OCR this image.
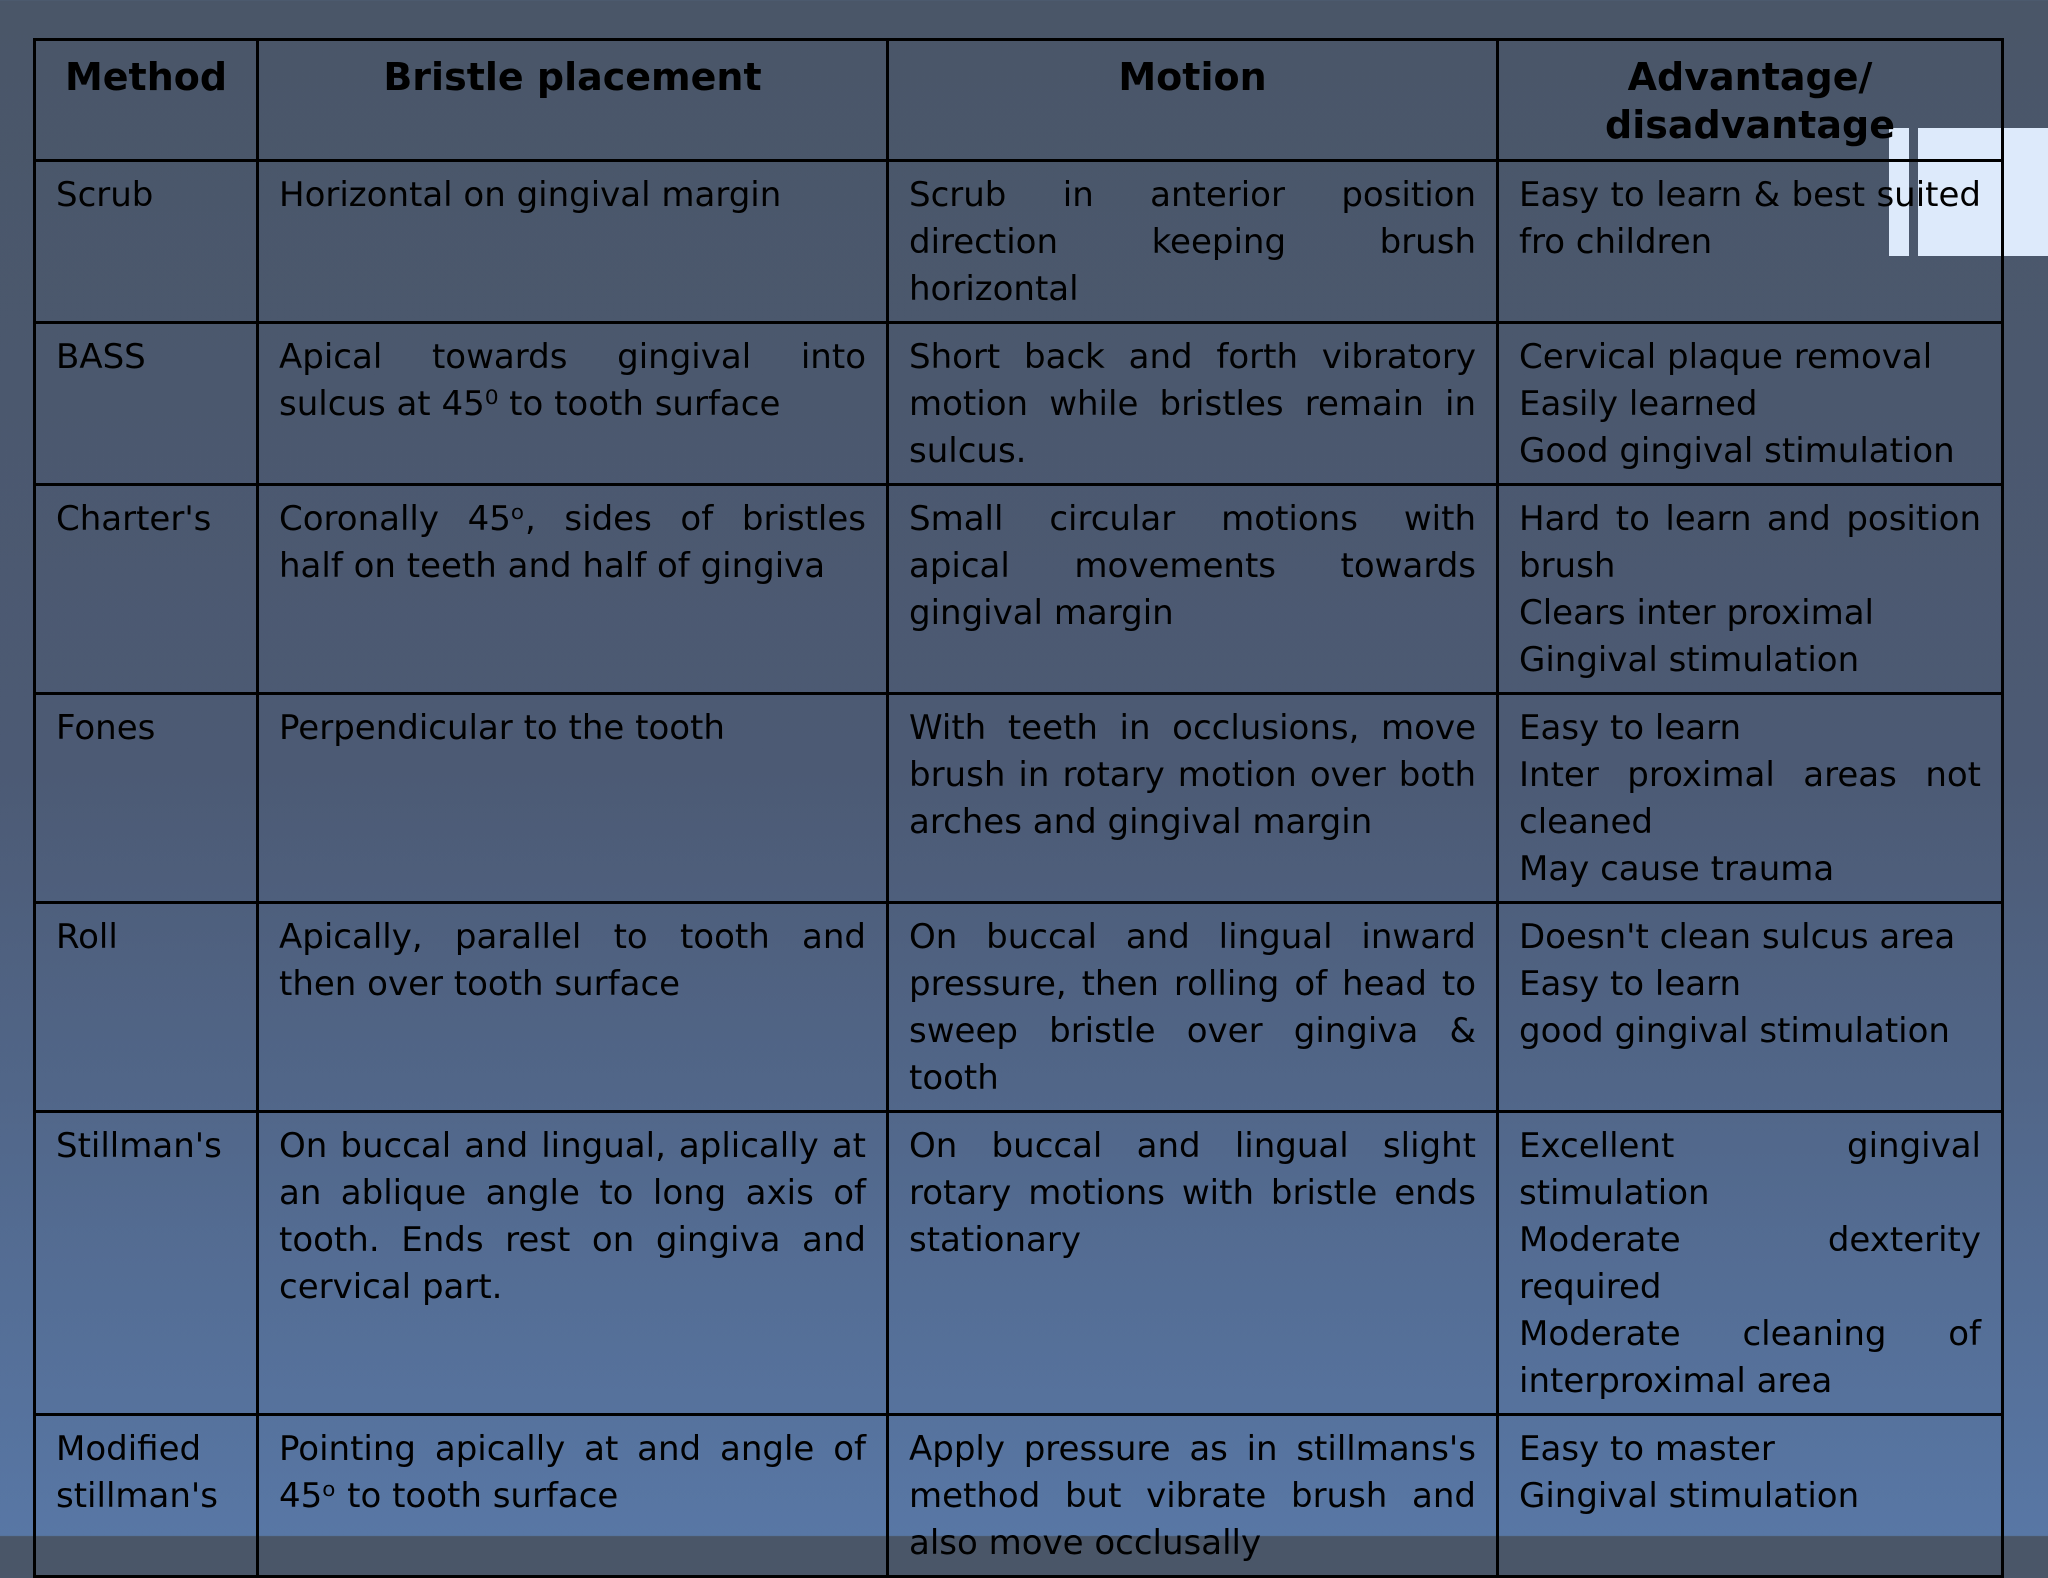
Method	Bristle placement	Motion	Advantage/ disadvantage
Scrub	Horizontal on gingival margin	Scrub in anterior position direction keeping brush horizontal	Easy to learn & best suited fro children

BASS	Apical towards gingival into sulcus at 45⁰ to tooth surface	Short back and forth vibratory motion while bristles remain in sulcus.	Cervical plaque removal
Easily learned
Good gingival stimulation

Charter's	Coronally 45ᵒ, sides of bristles half on teeth and half of gingiva	Small circular motions with apical movements towards gingival margin	Hard to learn and position brush
Clears inter proximal
Gingival stimulation

Fones	Perpendicular to the tooth	With teeth in occlusions, move brush in rotary motion over both arches and gingival margin	Easy to learn
Inter proximal areas not cleaned
May cause trauma

Roll	Apically, parallel to tooth and then over tooth surface	On buccal and lingual inward pressure, then rolling of head to sweep bristle over gingiva & tooth	Doesn't clean sulcus area
Easy to learn
good gingival stimulation

Stillman's	On buccal and lingual, aplically at an ablique angle to long axis of tooth. Ends rest on gingiva and cervical part.	On buccal and lingual slight rotary motions with bristle ends stationary	Excellent gingival stimulation
Moderate dexterity required
Moderate cleaning of interproximal area

Modified stillman's	Pointing apically at and angle of 45ᵒ to tooth surface	Apply pressure as in stillmans's method but vibrate brush and also move occlusally	Easy to master
Gingival stimulation
